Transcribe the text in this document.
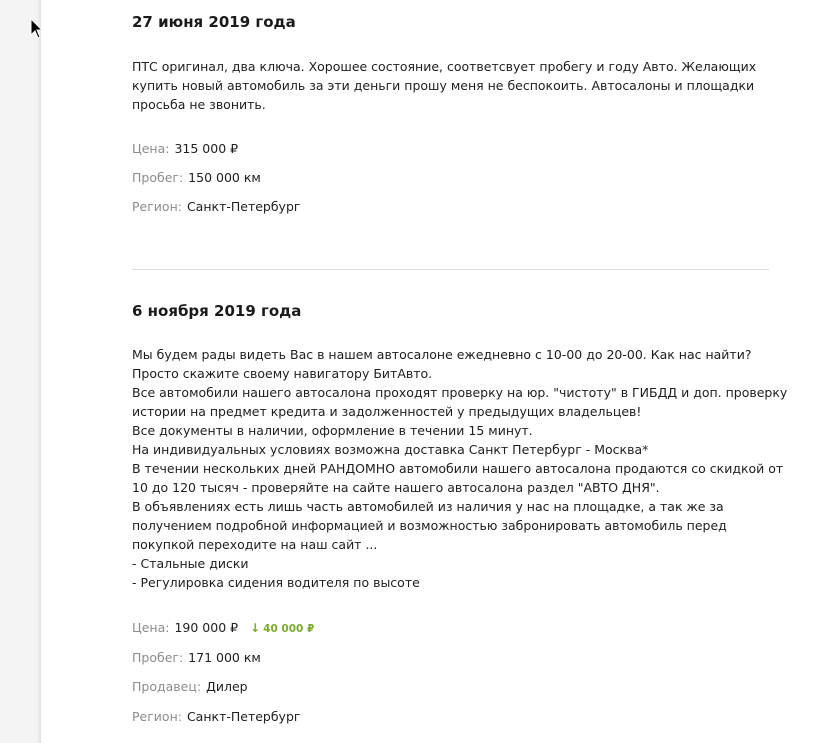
27 июня 2019 года
ПТС оригинал, два ключа. Хорошее состояние, соответсвует пробегу и году Авто. Желающих
купить новый автомобиль за эти деньги прошу меня не беспокоить. Автосалоны и площадки
просьба не звонить.
Цена: 315 000 ₽
Пробег: 150 000 км
Регион: Санкт-Петербург
6 ноября 2019 года
Мы будем рады видеть Вас в нашем автосалоне ежедневно с 10-00 до 20-00. Как нас найти?
Просто скажите своему навигатору БитАвто.
Все автомобили нашего автосалона проходят проверку на юр. "чистоту" в ГИБДД и доп. проверку
истории на предмет кредита и задолженностей у предыдущих владельцев!
Все документы в наличии, оформление в течении 15 минут.
На индивидуальных условиях возможна доставка Санкт Петербург - Москва*
В течении нескольких дней РАНДОМНО автомобили нашего автосалона продаются со скидкой от
10 до 120 тысяч - проверяйте на сайте нашего автосалона раздел "АВТО ДНЯ".
В объявлениях есть лишь часть автомобилей из наличия у нас на площадке, а так же за
получением подробной информацией и возможностью забронировать автомобиль перед
покупкой переходите на наш сайт ...
- Стальные диски
- Регулировка сидения водителя по высоте
Цена: 190 000 ₽ ↓ 40 000 ₽
Пробег: 171 000 км
Продавец: Дилер
Регион: Санкт-Петербург
